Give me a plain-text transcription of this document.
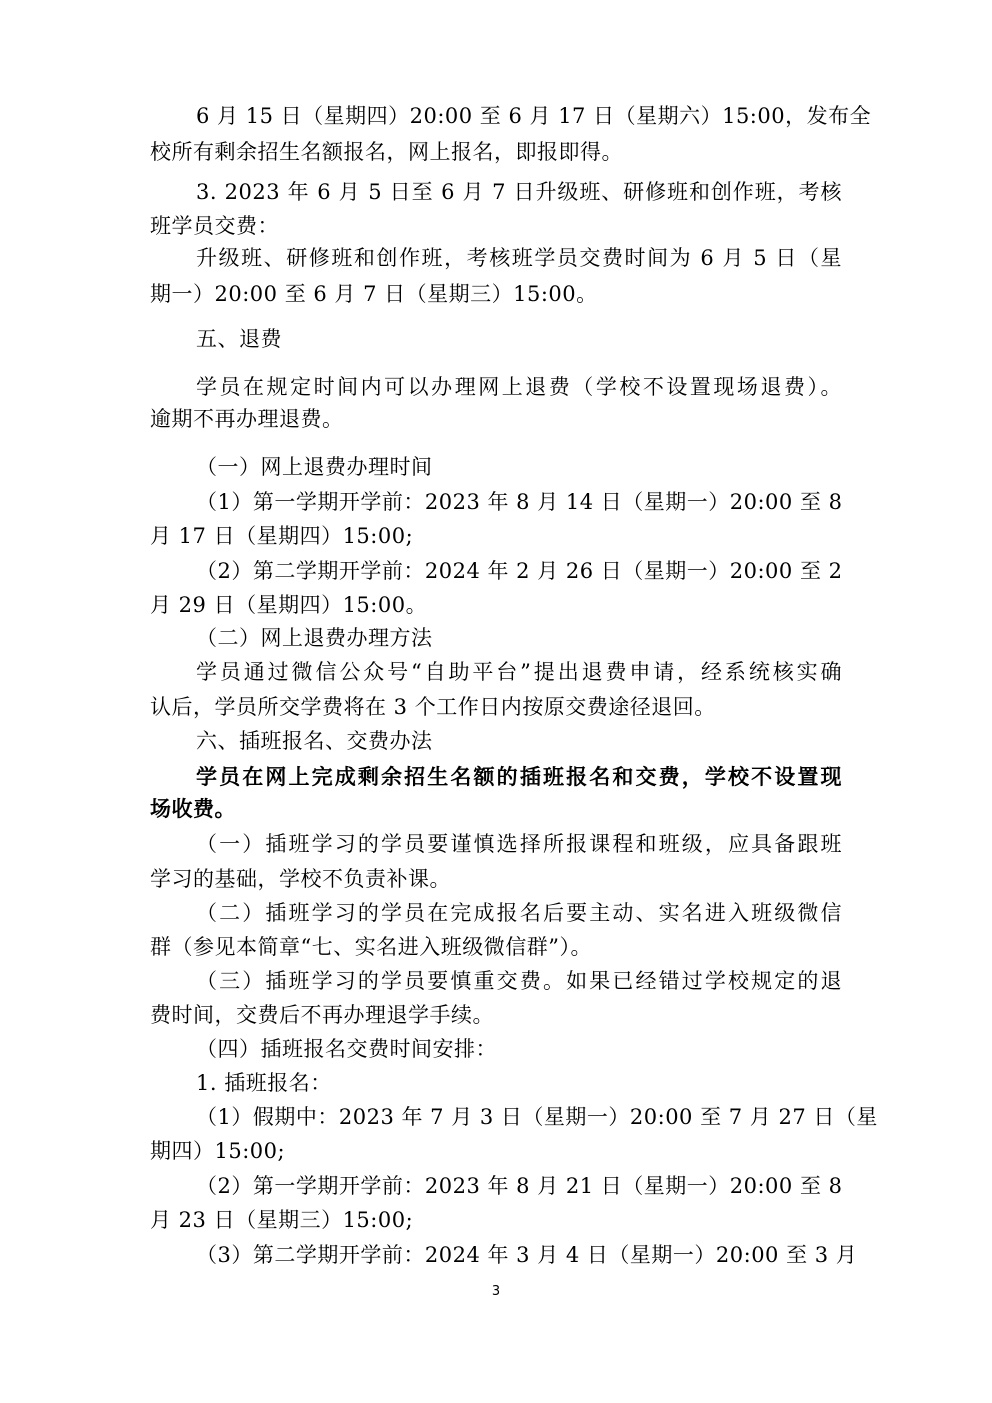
6 月 15 日（星期四）20:00 至 6 月 17 日（星期六）15:00，发布全

校所有剩余招生名额报名，网上报名，即报即得。

3. 2023 年 6 月 5 日至 6 月 7 日升级班、研修班和创作班，考核

班学员交费：

升级班、研修班和创作班，考核班学员交费时间为 6 月 5 日（星

期一）20:00 至 6 月 7 日（星期三）15:00。

五、退费

学员在规定时间内可以办理网上退费（学校不设置现场退费）。

逾期不再办理退费。

（一）网上退费办理时间

（1）第一学期开学前：2023 年 8 月 14 日（星期一）20:00 至 8

月 17 日（星期四）15:00;

（2）第二学期开学前：2024 年 2 月 26 日（星期一）20:00 至 2

月 29 日（星期四）15:00。

（二）网上退费办理方法

学员通过微信公众号“自助平台”提出退费申请，经系统核实确

认后，学员所交学费将在 3 个工作日内按原交费途径退回。

六、插班报名、交费办法

学员在网上完成剩余招生名额的插班报名和交费，学校不设置现

场收费。

（一）插班学习的学员要谨慎选择所报课程和班级，应具备跟班

学习的基础，学校不负责补课。

（二）插班学习的学员在完成报名后要主动、实名进入班级微信

群（参见本简章“七、实名进入班级微信群”）。

（三）插班学习的学员要慎重交费。如果已经错过学校规定的退

费时间，交费后不再办理退学手续。

（四）插班报名交费时间安排：

1. 插班报名：

（1）假期中：2023 年 7 月 3 日（星期一）20:00 至 7 月 27 日（星

期四）15:00;

（2）第一学期开学前：2023 年 8 月 21 日（星期一）20:00 至 8

月 23 日（星期三）15:00;

（3）第二学期开学前：2024 年 3 月 4 日（星期一）20:00 至 3 月

3
